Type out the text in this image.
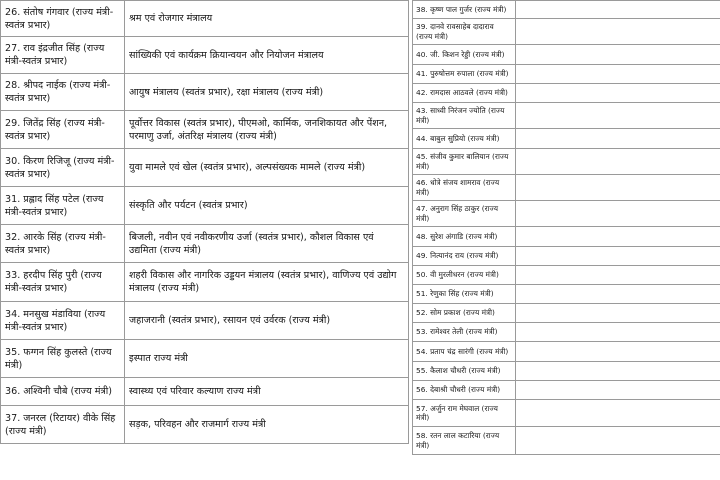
26. संतोष गंगवार (राज्य मंत्री-स्वतंत्र प्रभार)	श्रम एवं रोजगार मंत्रालय
27. राव इंद्रजीत सिंह (राज्य मंत्री-स्वतंत्र प्रभार)	सांख्यिकी एवं कार्यक्रम क्रियान्वयन और नियोजन मंत्रालय
28. श्रीपद नाईक (राज्य मंत्री-स्वतंत्र प्रभार)	आयुष मंत्रालय (स्वतंत्र प्रभार), रक्षा मंत्रालय (राज्य मंत्री)
29. जितेंद्र सिंह (राज्य मंत्री-स्वतंत्र प्रभार)	पूर्वोत्तर विकास (स्वतंत्र प्रभार), पीएमओ, कार्मिक, जनशिकायत और पेंशन, परमाणु उर्जा, अंतरिक्ष मंत्रालय (राज्य मंत्री)
30. किरण रिजिजू (राज्य मंत्री-स्वतंत्र प्रभार)	युवा मामले एवं खेल (स्वतंत्र प्रभार), अल्पसंख्यक मामले (राज्य मंत्री)
31. प्रह्लाद सिंह पटेल (राज्य मंत्री-स्वतंत्र प्रभार)	संस्कृति और पर्यटन (स्वतंत्र प्रभार)
32. आरके सिंह (राज्य मंत्री-स्वतंत्र प्रभार)	बिजली, नवीन एवं नवीकरणीय उर्जा (स्वतंत्र प्रभार), कौशल विकास एवं उद्यमिता (राज्य मंत्री)
33. हरदीप सिंह पुरी (राज्य मंत्री-स्वतंत्र प्रभार)	शहरी विकास और नागरिक उड्डयन मंत्रालय (स्वतंत्र प्रभार), वाणिज्य एवं उद्योग मंत्रालय (राज्य मंत्री)
34. मनसुख मंडाविया (राज्य मंत्री-स्वतंत्र प्रभार)	जहाजरानी (स्वतंत्र प्रभार), रसायन एवं उर्वरक (राज्य मंत्री)
35. फग्गन सिंह कुलस्ते (राज्य मंत्री)	इस्पात राज्य मंत्री
36. अश्विनी चौबे (राज्य मंत्री)	स्वास्थ्य एवं परिवार कल्याण राज्य मंत्री
37. जनरल (रिटायर) वीके सिंह (राज्य मंत्री)	सड़क, परिवहन और राजमार्ग राज्य मंत्री
38. कृष्ण पाल गुर्जर (राज्य मंत्री)	
39. दानवे रावसाहेब दादाराव (राज्य मंत्री)	
40. जी. किशन रेड्डी (राज्य मंत्री)	
41. पुरुषोत्तम रुपाला (राज्य मंत्री)	
42. रामदास आठवले (राज्य मंत्री)	
43. साध्वी निरंजन ज्योति (राज्य मंत्री)	
44. बाबुल सुप्रियो (राज्य मंत्री)	
45. संजीव कुमार बालियान (राज्य मंत्री)	
46. धोत्रे संजय शामराव (राज्य मंत्री)	
47. अनुराग सिंह ठाकुर (राज्य मंत्री)	
48. सुरेश अंगाडि (राज्य मंत्री)	
49. नित्यानंद राय (राज्य मंत्री)	
50. वी मुरलीधरन (राज्य मंत्री)	
51. रेणुका सिंह (राज्य मंत्री)	
52. सोम प्रकाश (राज्य मंत्री)	
53. रामेश्वर तेली (राज्य मंत्री)	
54. प्रताप चंद्र सारंगी (राज्य मंत्री)	
55. कैलाश चौधरी (राज्य मंत्री)	
56. देबाश्री चौधरी (राज्य मंत्री)	
57. अर्जुन राम मेघवाल (राज्य मंत्री)	
58. रतन लाल कटारिया (राज्य मंत्री)	
